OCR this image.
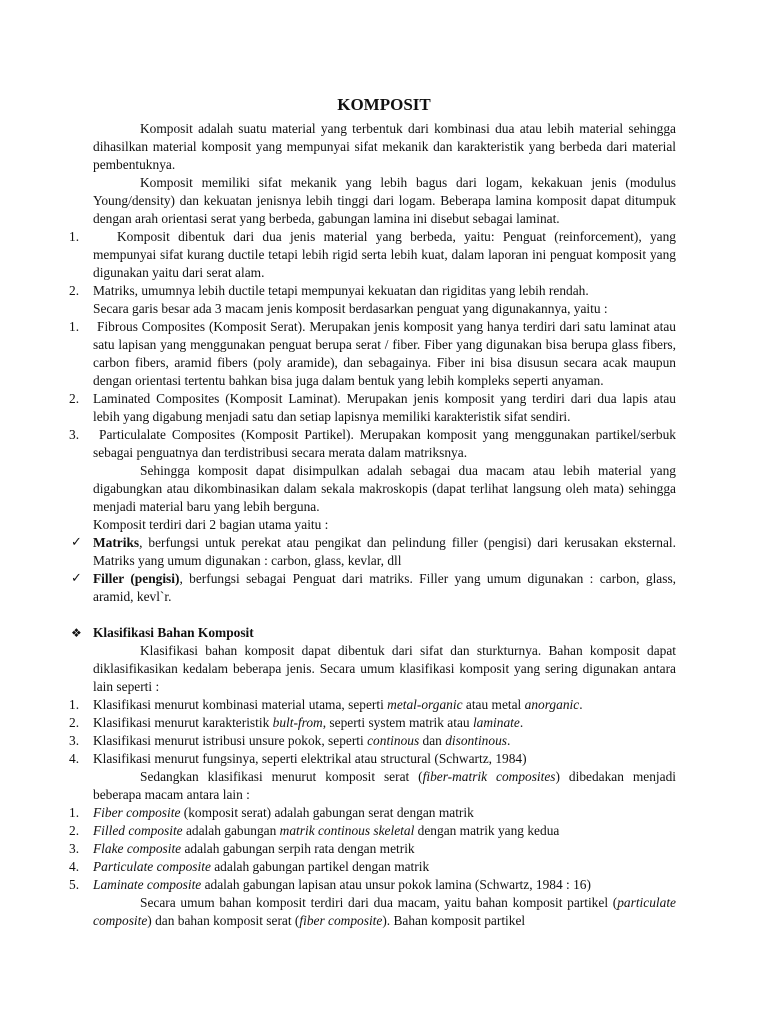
KOMPOSIT

Komposit adalah suatu material yang terbentuk dari kombinasi dua atau lebih material sehingga dihasilkan material komposit yang mempunyai sifat mekanik dan karakteristik yang berbeda dari material pembentuknya.

Komposit memiliki sifat mekanik yang lebih bagus dari logam, kekakuan jenis (modulus Young/density) dan kekuatan jenisnya lebih tinggi dari logam. Beberapa lamina komposit dapat ditumpuk dengan arah orientasi serat yang berbeda, gabungan lamina ini disebut sebagai laminat.

1.	Komposit dibentuk dari dua jenis material yang berbeda, yaitu: Penguat (reinforcement), yang mempunyai sifat kurang ductile tetapi lebih rigid serta lebih kuat, dalam laporan ini penguat komposit yang digunakan yaitu dari serat alam.
2. Matriks, umumnya lebih ductile tetapi mempunyai kekuatan dan rigiditas yang lebih rendah.

Secara garis besar ada 3 macam jenis komposit berdasarkan penguat yang digunakannya, yaitu :

1. Fibrous Composites (Komposit Serat). Merupakan jenis komposit yang hanya terdiri dari satu laminat atau satu lapisan yang menggunakan penguat berupa serat / fiber. Fiber yang digunakan bisa berupa glass fibers, carbon fibers, aramid fibers (poly aramide), dan sebagainya. Fiber ini bisa disusun secara acak maupun dengan orientasi tertentu bahkan bisa juga dalam bentuk yang lebih kompleks seperti anyaman.
2. Laminated Composites (Komposit Laminat). Merupakan jenis komposit yang terdiri dari dua lapis atau lebih yang digabung menjadi satu dan setiap lapisnya memiliki karakteristik sifat sendiri.
3.	Particulalate Composites (Komposit Partikel). Merupakan komposit yang menggunakan partikel/serbuk sebagai penguatnya dan terdistribusi secara merata dalam matriksnya.

Sehingga komposit dapat disimpulkan adalah sebagai dua macam atau lebih material yang digabungkan atau dikombinasikan dalam sekala makroskopis (dapat terlihat langsung oleh mata) sehingga menjadi material baru yang lebih berguna.

Komposit terdiri dari 2 bagian utama yaitu :

✓ Matriks, berfungsi untuk perekat atau pengikat dan pelindung filler (pengisi) dari kerusakan eksternal. Matriks yang umum digunakan : carbon, glass, kevlar, dll
✓ Filler (pengisi), berfungsi sebagai Penguat dari matriks. Filler yang umum digunakan : carbon, glass, aramid, kevl`r.
❖ Klasifikasi Bahan Komposit

Klasifikasi bahan komposit dapat dibentuk dari sifat dan sturkturnya. Bahan komposit dapat diklasifikasikan kedalam beberapa jenis. Secara umum klasifikasi komposit yang sering digunakan antara lain seperti :

1. Klasifikasi menurut kombinasi material utama, seperti metal-organic atau metal anorganic.
2. Klasifikasi menurut karakteristik bult-from, seperti system matrik atau laminate.
3. Klasifikasi menurut istribusi unsure pokok, seperti continous dan disontinous.
4. Klasifikasi menurut fungsinya, seperti elektrikal atau structural (Schwartz, 1984)

Sedangkan klasifikasi menurut komposit serat (fiber-matrik composites) dibedakan menjadi beberapa macam antara lain :

1. Fiber composite (komposit serat) adalah gabungan serat dengan matrik
2. Filled composite adalah gabungan matrik continous skeletal dengan matrik yang kedua
3. Flake composite adalah gabungan serpih rata dengan metrik
4. Particulate composite adalah gabungan partikel dengan matrik
5. Laminate composite adalah gabungan lapisan atau unsur pokok lamina (Schwartz, 1984 : 16)

Secara umum bahan komposit terdiri dari dua macam, yaitu bahan komposit partikel (particulate composite) dan bahan komposit serat (fiber composite). Bahan komposit partikel
